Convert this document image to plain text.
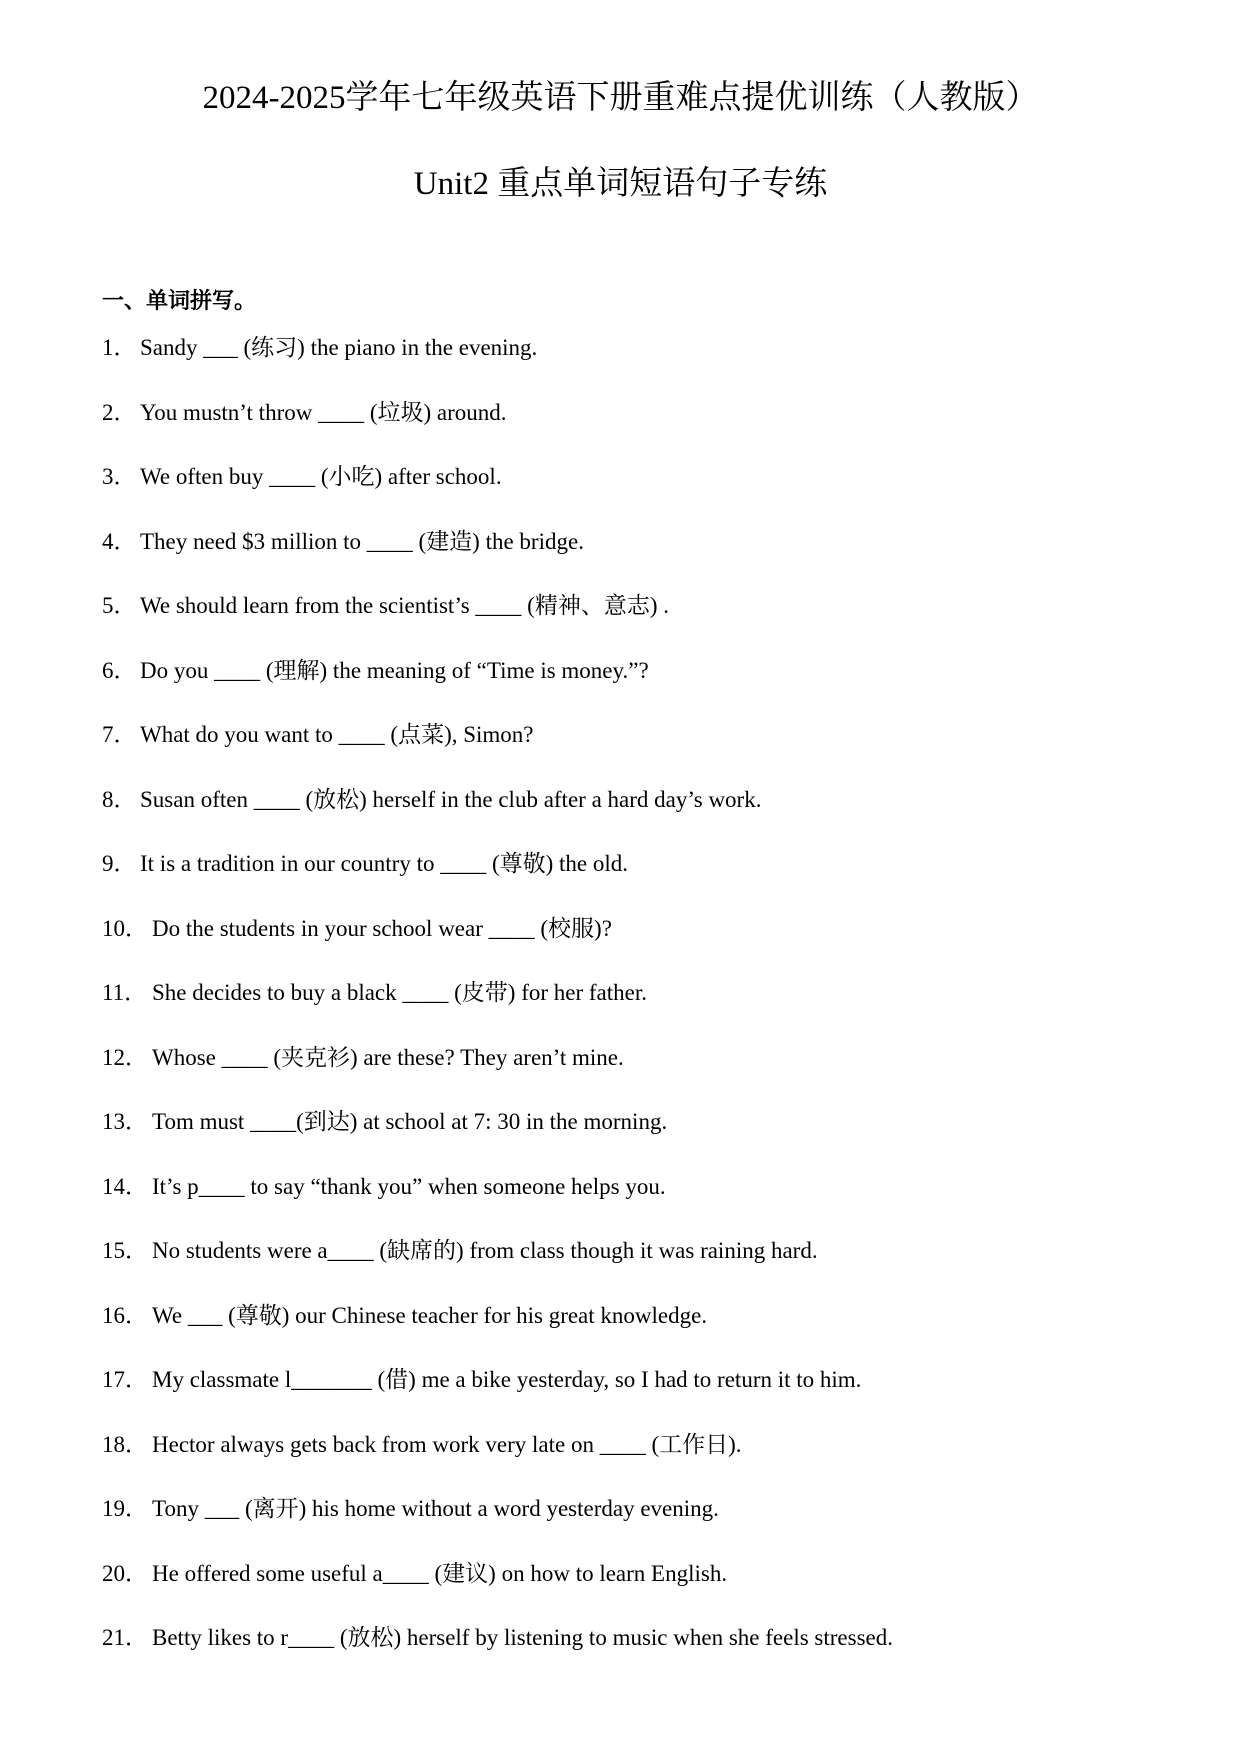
2024-2025学年七年级英语下册重难点提优训练（人教版）
Unit2 重点单词短语句子专练
一、单词拼写。
1． Sandy ___ (练习) the piano in the evening.
2． You mustn’t throw ____ (垃圾) around.
3． We often buy ____ (小吃) after school.
4． They need $3 million to ____ (建造) the bridge.
5． We should learn from the scientist’s ____ (精神、意志) .
6． Do you ____ (理解) the meaning of “Time is money.”?
7． What do you want to ____ (点菜), Simon?
8． Susan often ____ (放松) herself in the club after a hard day’s work.
9． It is a tradition in our country to ____ (尊敬) the old.
10． Do the students in your school wear ____ (校服)?
11． She decides to buy a black ____ (皮带) for her father.
12． Whose ____ (夹克衫) are these? They aren’t mine.
13． Tom must ____(到达) at school at 7: 30 in the morning.
14． It’s p____ to say “thank you” when someone helps you.
15． No students were a____ (缺席的) from class though it was raining hard.
16． We ___ (尊敬) our Chinese teacher for his great knowledge.
17． My classmate l_______ (借) me a bike yesterday, so I had to return it to him.
18． Hector always gets back from work very late on ____ (工作日).
19． Tony ___ (离开) his home without a word yesterday evening.
20． He offered some useful a____ (建议) on how to learn English.
21． Betty likes to r____ (放松) herself by listening to music when she feels stressed.
